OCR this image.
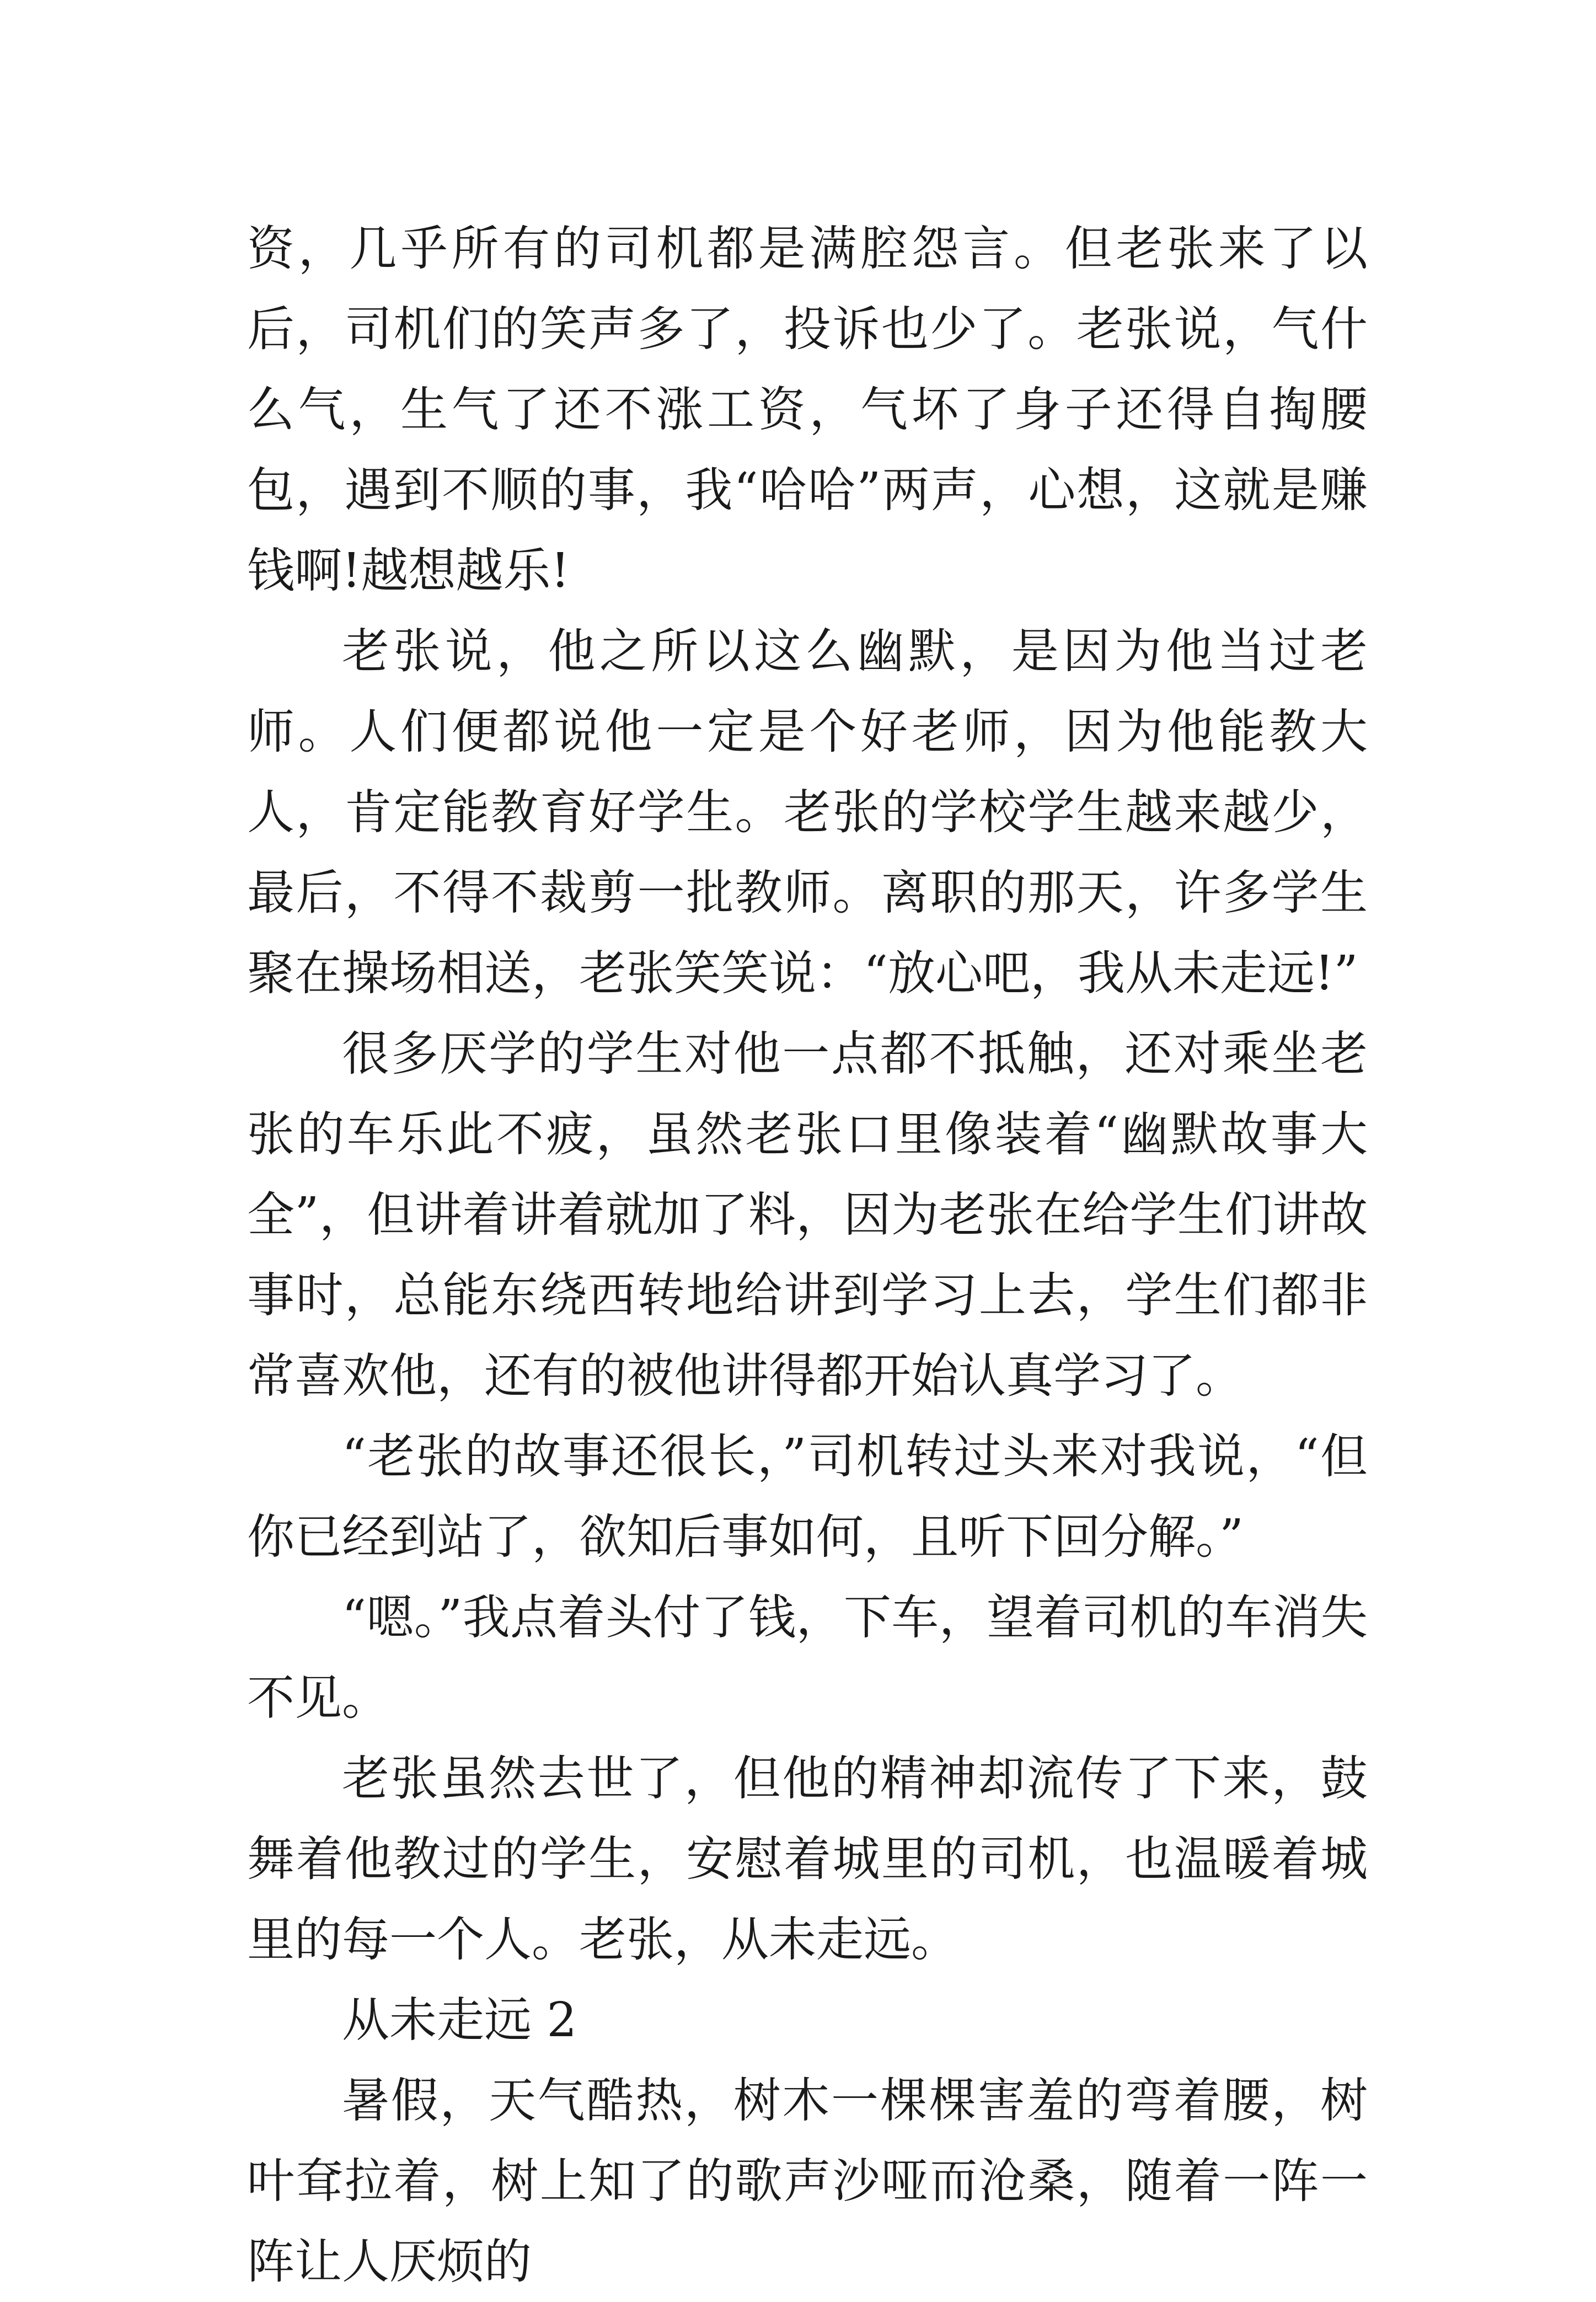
资，几乎所有的司机都是满腔怨言。但老张来了以后，司机们的笑声多了，投诉也少了。老张说，气什么气，生气了还不涨工资，气坏了身子还得自掏腰包，遇到不顺的事，我“哈哈”两声，心想，这就是赚钱啊!越想越乐!

老张说，他之所以这么幽默，是因为他当过老师。人们便都说他一定是个好老师，因为他能教大人，肯定能教育好学生。老张的学校学生越来越少，最后，不得不裁剪一批教师。离职的那天，许多学生聚在操场相送，老张笑笑说：“放心吧，我从未走远!”

很多厌学的学生对他一点都不抵触，还对乘坐老张的车乐此不疲，虽然老张口里像装着“幽默故事大全”，但讲着讲着就加了料，因为老张在给学生们讲故事时，总能东绕西转地给讲到学习上去，学生们都非常喜欢他，还有的被他讲得都开始认真学习了。

“老张的故事还很长，”司机转过头来对我说，“但你已经到站了，欲知后事如何，且听下回分解。”

“嗯。”我点着头付了钱，下车，望着司机的车消失不见。

老张虽然去世了，但他的精神却流传了下来，鼓舞着他教过的学生，安慰着城里的司机，也温暖着城里的每一个人。老张，从未走远。

从未走远 2

暑假，天气酷热，树木一棵棵害羞的弯着腰，树叶耷拉着，树上知了的歌声沙哑而沧桑，随着一阵一阵让人厌烦的
